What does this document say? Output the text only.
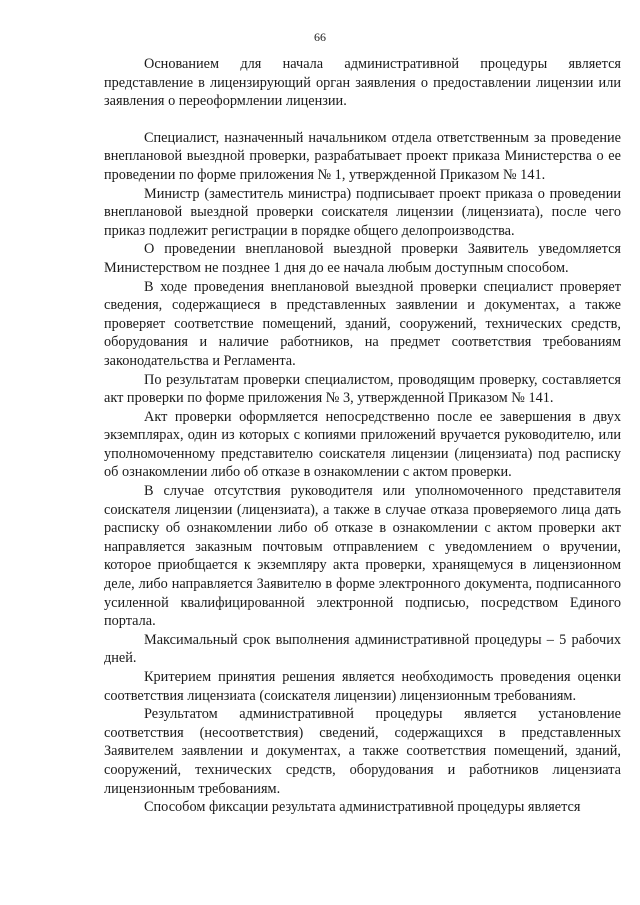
66

Основанием для начала административной процедуры является представление в лицензирующий орган заявления о предоставлении лицензии или заявления о переоформлении лицензии.

Специалист, назначенный начальником отдела ответственным за проведение внеплановой выездной проверки, разрабатывает проект приказа Министерства о ее проведении по форме приложения № 1, утвержденной Приказом № 141.

Министр (заместитель министра) подписывает проект приказа о проведении внеплановой выездной проверки соискателя лицензии (лицензиата), после чего приказ подлежит регистрации в порядке общего делопроизводства.

О проведении внеплановой выездной проверки Заявитель уведомляется Министерством не позднее 1 дня до ее начала любым доступным способом.

В ходе проведения внеплановой выездной проверки специалист проверяет сведения, содержащиеся в представленных заявлении и документах, а также проверяет соответствие помещений, зданий, сооружений, технических средств, оборудования и наличие работников, на предмет соответствия требованиям законодательства и Регламента.

По результатам проверки специалистом, проводящим проверку, составляется акт проверки по форме приложения № 3, утвержденной Приказом № 141.

Акт проверки оформляется непосредственно после ее завершения в двух экземплярах, один из которых с копиями приложений вручается руководителю, или уполномоченному представителю соискателя лицензии (лицензиата) под расписку об ознакомлении либо об отказе в ознакомлении с актом проверки.

В случае отсутствия руководителя или уполномоченного представителя соискателя лицензии (лицензиата), а также в случае отказа проверяемого лица дать расписку об ознакомлении либо об отказе в ознакомлении с актом проверки акт направляется заказным почтовым отправлением с уведомлением о вручении, которое приобщается к экземпляру акта проверки, хранящемуся в лицензионном деле, либо направляется Заявителю в форме электронного документа, подписанного усиленной квалифицированной электронной подписью, посредством Единого портала.

Максимальный срок выполнения административной процедуры – 5 рабочих дней.

Критерием принятия решения является необходимость проведения оценки соответствия лицензиата (соискателя лицензии) лицензионным требованиям.

Результатом административной процедуры является установление соответствия (несоответствия) сведений, содержащихся в представленных Заявителем заявлении и документах, а также соответствия помещений, зданий, сооружений, технических средств, оборудования и работников лицензиата лицензионным требованиям.

Способом фиксации результата административной процедуры является
